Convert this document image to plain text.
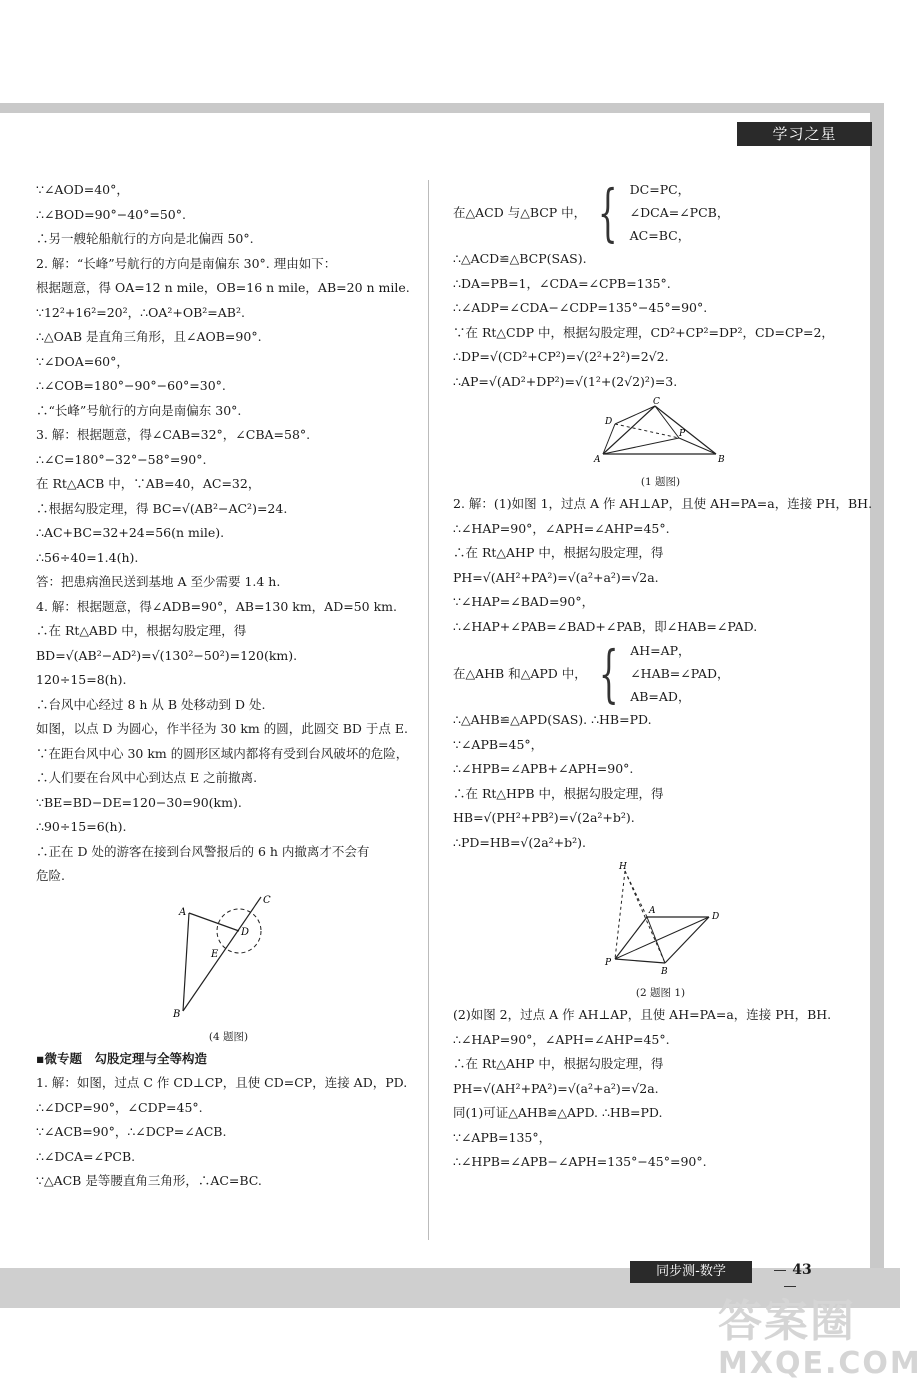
学习之星
∵∠AOD=40°，
∴∠BOD=90°−40°=50°.
∴另一艘轮船航行的方向是北偏西 50°.
2. 解：“长峰”号航行的方向是南偏东 30°. 理由如下：
根据题意，得 OA=12 n mile，OB=16 n mile，AB=20 n mile.
∵12²+16²=20²，∴OA²+OB²=AB².
∴△OAB 是直角三角形，且∠AOB=90°.
∵∠DOA=60°，
∴∠COB=180°−90°−60°=30°.
∴“长峰”号航行的方向是南偏东 30°.
3. 解：根据题意，得∠CAB=32°，∠CBA=58°.
∴∠C=180°−32°−58°=90°.
在 Rt△ACB 中，∵AB=40，AC=32，
∴根据勾股定理，得 BC=√(AB²−AC²)=24.
∴AC+BC=32+24=56(n mile).
∴56÷40=1.4(h).
答：把患病渔民送到基地 A 至少需要 1.4 h.
4. 解：根据题意，得∠ADB=90°，AB=130 km，AD=50 km.
∴在 Rt△ABD 中，根据勾股定理，得
BD=√(AB²−AD²)=√(130²−50²)=120(km).
120÷15=8(h).
∴台风中心经过 8 h 从 B 处移动到 D 处.
如图，以点 D 为圆心，作半径为 30 km 的圆，此圆交 BD 于点 E.
∵在距台风中心 30 km 的圆形区域内都将有受到台风破坏的危险，
∴人们要在台风中心到达点 E 之前撤离.
∵BE=BD−DE=120−30=90(km).
∴90÷15=6(h).
∴正在 D 处的游客在接到台风警报后的 6 h 内撤离才不会有
危险.
A
B
C
D
E
(4 题图)
▪微专题　勾股定理与全等构造
1. 解：如图，过点 C 作 CD⊥CP，且使 CD=CP，连接 AD，PD.
∴∠DCP=90°，∠CDP=45°.
∵∠ACB=90°，∴∠DCP=∠ACB.
∴∠DCA=∠PCB.
∵△ACB 是等腰直角三角形，∴AC=BC.
在△ACD 与△BCP 中， { DC=PC，
∠DCA=∠PCB，
AC=BC，
∴△ACD≌△BCP(SAS).
∴DA=PB=1，∠CDA=∠CPB=135°.
∴∠ADP=∠CDA−∠CDP=135°−45°=90°.
∵在 Rt△CDP 中，根据勾股定理，CD²+CP²=DP²，CD=CP=2，
∴DP=√(CD²+CP²)=√(2²+2²)=2√2.
∴AP=√(AD²+DP²)=√(1²+(2√2)²)=3.
C
D
A	B
P
(1 题图)
2. 解：(1)如图 1，过点 A 作 AH⊥AP，且使 AH=PA=a，连接 PH，BH.
∴∠HAP=90°，∠APH=∠AHP=45°.
∴在 Rt△AHP 中，根据勾股定理，得
PH=√(AH²+PA²)=√(a²+a²)=√2a.
∵∠HAP=∠BAD=90°，
∴∠HAP+∠PAB=∠BAD+∠PAB，即∠HAB=∠PAD.
在△AHB 和△APD 中， { AH=AP，
∠HAB=∠PAD，
AB=AD，
∴△AHB≌△APD(SAS). ∴HB=PD.
∵∠APB=45°，
∴∠HPB=∠APB+∠APH=90°.
∴在 Rt△HPB 中，根据勾股定理，得
HB=√(PH²+PB²)=√(2a²+b²).
∴PD=HB=√(2a²+b²).
H
A
D
P
B
(2 题图 1)
(2)如图 2，过点 A 作 AH⊥AP，且使 AH=PA=a，连接 PH，BH.
∴∠HAP=90°，∠APH=∠AHP=45°.
∴在 Rt△AHP 中，根据勾股定理，得
PH=√(AH²+PA²)=√(a²+a²)=√2a.
同(1)可证△AHB≌△APD. ∴HB=PD.
∵∠APB=135°，
∴∠HPB=∠APB−∠APH=135°−45°=90°.
同步测-数学	43
答案圈
MXQE.COM
